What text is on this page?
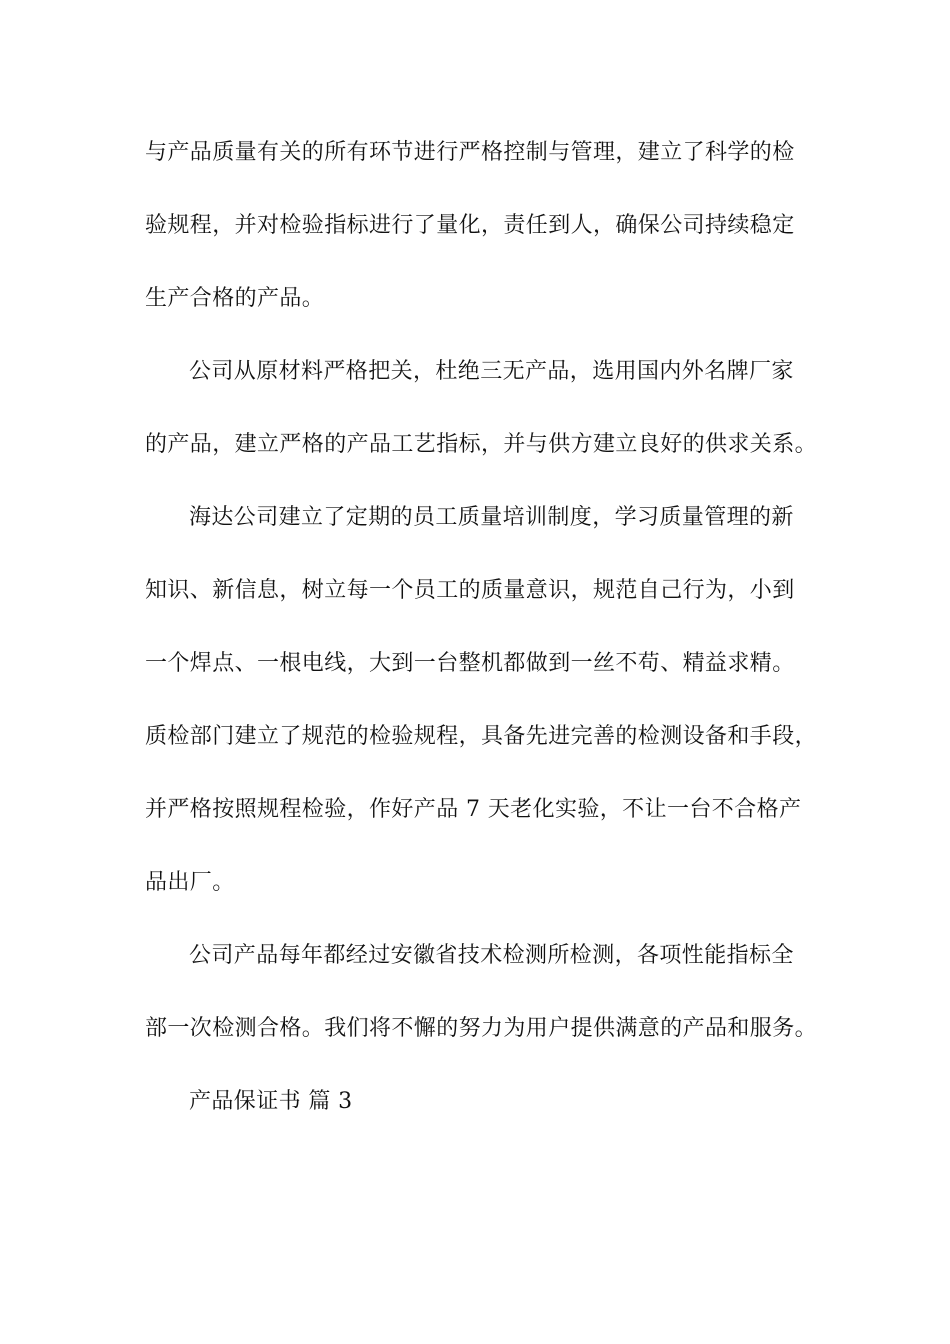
与产品质量有关的所有环节进行严格控制与管理，建立了科学的检
验规程，并对检验指标进行了量化，责任到人，确保公司持续稳定
生产合格的产品。
公司从原材料严格把关，杜绝三无产品，选用国内外名牌厂家
的产品，建立严格的产品工艺指标，并与供方建立良好的供求关系。
海达公司建立了定期的员工质量培训制度，学习质量管理的新
知识、新信息，树立每一个员工的质量意识，规范自己行为，小到
一个焊点、一根电线，大到一台整机都做到一丝不苟、精益求精。
质检部门建立了规范的检验规程，具备先进完善的检测设备和手段，
并严格按照规程检验，作好产品 7 天老化实验，不让一台不合格产
品出厂。
公司产品每年都经过安徽省技术检测所检测，各项性能指标全
部一次检测合格。我们将不懈的努力为用户提供满意的产品和服务。
产品保证书 篇 3
